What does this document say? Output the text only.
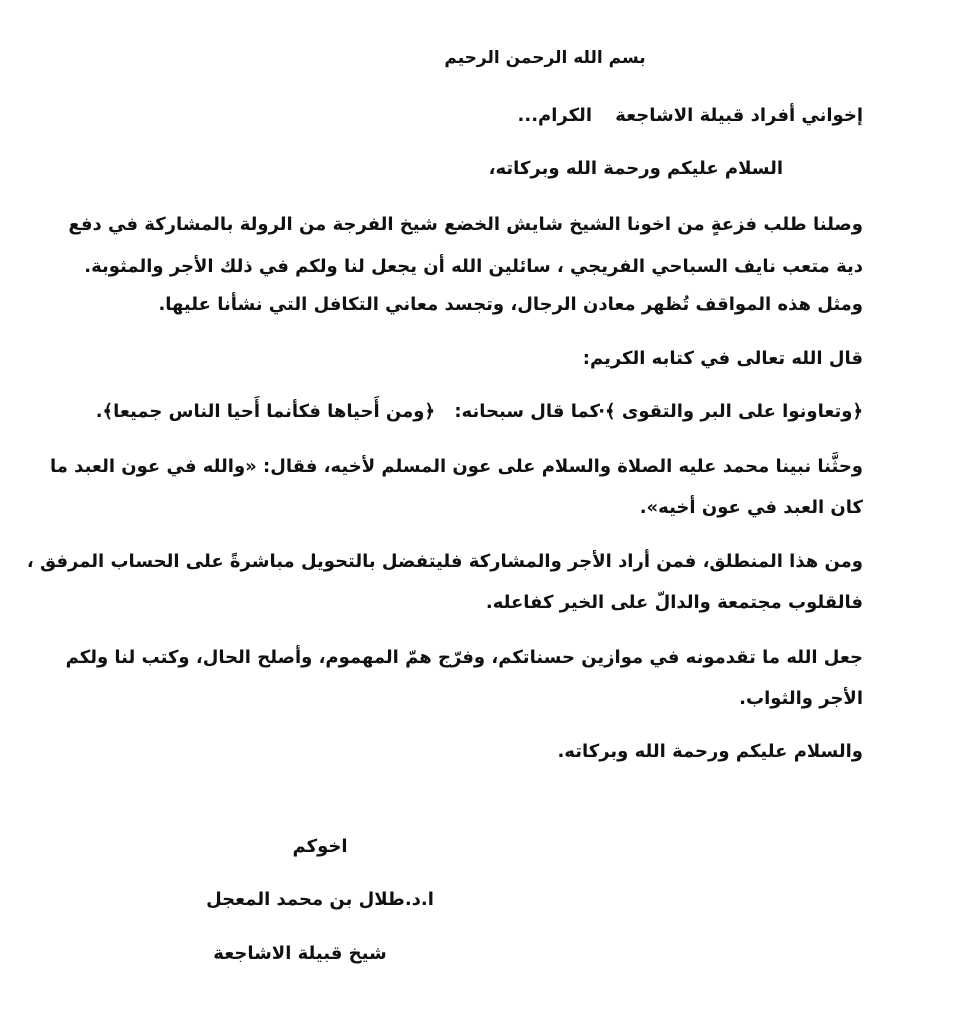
بسم الله الرحمن الرحيم
إخواني أفراد قبيلة الاشاجعة
الكرام...
السلام عليكم ورحمة الله وبركاته،
وصلنا طلب فزعةٍ من اخونا الشيخ شايش الخضع شيخ الفرجة من الرولة بالمشاركة في دفع
دية متعب نايف السباحي الفريجي ، سائلين الله أن يجعل لنا ولكم في ذلك الأجر والمثوبة.
ومثل هذه المواقف تُظهر معادن الرجال، وتجسد معاني التكافل التي نشأنا عليها.
قال الله تعالى في كتابه الكريم:
﴿وتعاونوا على البر والتقوى ﴾·
كما قال سبحانه:
﴿ومن أَحياها فكأنما أَحيا الناس جميعا﴾.
وحثَّنا نبينا محمد عليه الصلاة والسلام على عون المسلم لأخيه، فقال: «والله في عون العبد ما
كان العبد في عون أخيه».
ومن هذا المنطلق، فمن أراد الأجر والمشاركة فليتفضل بالتحويل مباشرةً على الحساب المرفق ،
فالقلوب مجتمعة والدالّ على الخير كفاعله.
جعل الله ما تقدمونه في موازين حسناتكم، وفرّج همّ المهموم، وأصلح الحال، وكتب لنا ولكم
الأجر والثواب.
والسلام عليكم ورحمة الله وبركاته.
اخوكم
ا.د.طلال بن محمد المعجل
شيخ قبيلة الاشاجعة
